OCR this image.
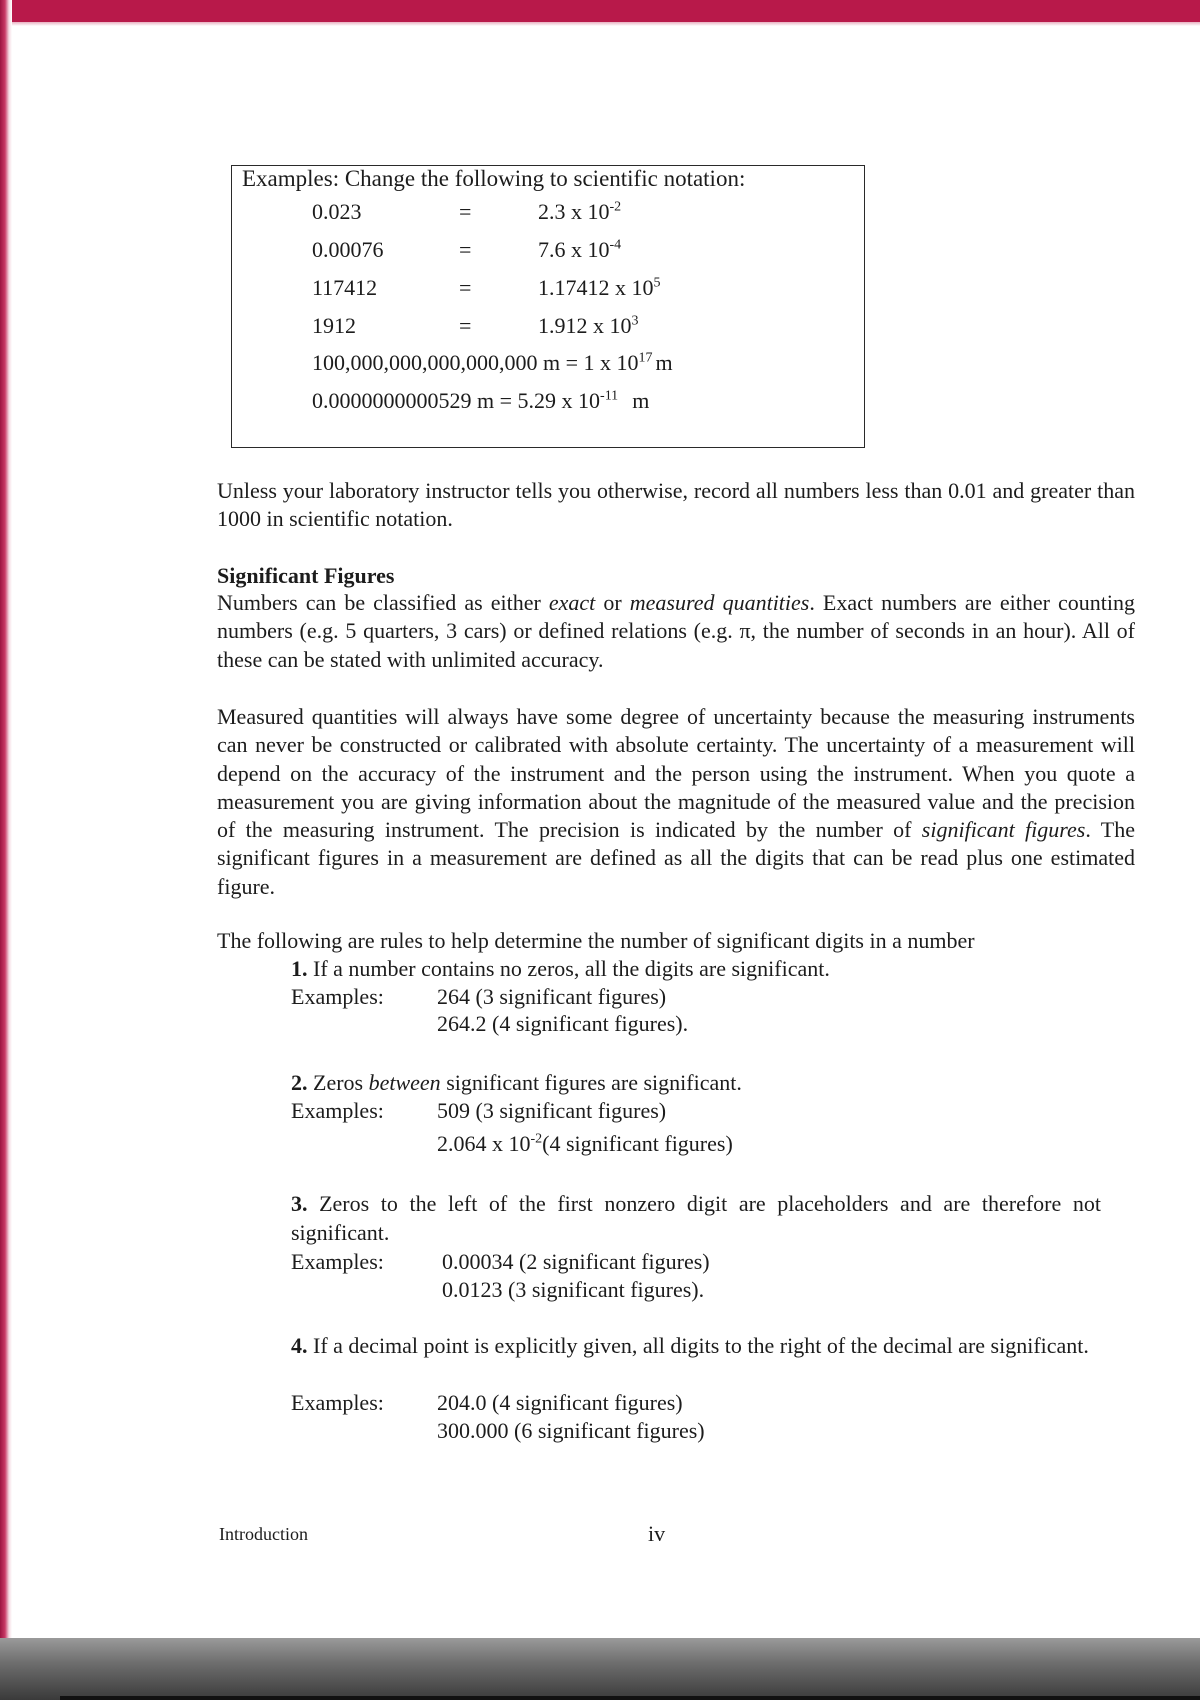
Examples: Change the following to scientific notation:
0.023	=	2.3 x $10^{-2}$
0.00076	=	7.6 x $10^{-4}$
117412	=	1.17412 x $10^5$
1912	=	1.912 x $10^3$
100,000,000,000,000,000 m = 1 x $10^{17}$ m
0.0000000000529 m = 5.29 x $10^{-11}$ m
Unless your laboratory instructor tells you otherwise, record all numbers less than 0.01 and greater than 1000 in scientific notation.
Significant Figures
Numbers can be classified as either exact or measured quantities. Exact numbers are either counting numbers (e.g. 5 quarters, 3 cars) or defined relations (e.g. π, the number of seconds in an hour). All of these can be stated with unlimited accuracy.
Measured quantities will always have some degree of uncertainty because the measuring instruments can never be constructed or calibrated with absolute certainty. The uncertainty of a measurement will depend on the accuracy of the instrument and the person using the instrument. When you quote a measurement you are giving information about the magnitude of the measured value and the precision of the measuring instrument. The precision is indicated by the number of significant figures. The significant figures in a measurement are defined as all the digits that can be read plus one estimated figure.
The following are rules to help determine the number of significant digits in a number
1. If a number contains no zeros, all the digits are significant.
Examples: 264 (3 significant figures)
264.2 (4 significant figures).
2. Zeros between significant figures are significant.
Examples: 509 (3 significant figures)
2.064 x $10^{-2}(4$ significant figures)
3. Zeros to the left of the first nonzero digit are placeholders and are therefore not significant.
Examples:	0.00034 (2 significant figures)
0.0123 (3 significant figures).
4. If a decimal point is explicitly given, all digits to the right of the decimal are significant.
Examples: 204.0 (4 significant figures)
300.000 (6 significant figures)
Introduction	iv
